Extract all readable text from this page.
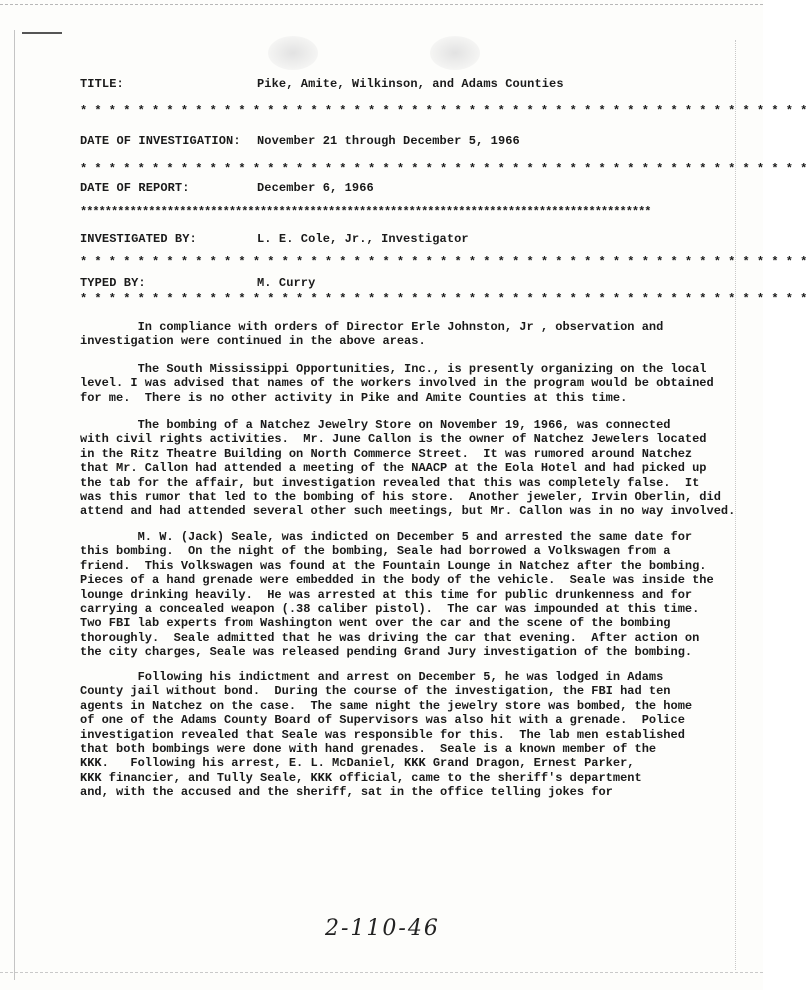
TITLE:	Pike, Amite, Wilkinson, and Adams Counties
* * * * * * * * * * * * * * * * * * * * * * * * * * * * * * * * * * * * * * * * * * * * * * * * * * *
DATE OF INVESTIGATION: November 21 through December 5, 1966
* * * * * * * * * * * * * * * * * * * * * * * * * * * * * * * * * * * * * * * * * * * * * * * * * * *
DATE OF REPORT:	December 6, 1966
********************************************************************************************
INVESTIGATED BY:	L. E. Cole, Jr., Investigator
* * * * * * * * * * * * * * * * * * * * * * * * * * * * * * * * * * * * * * * * * * * * * * * * * * *
TYPED BY:	M. Curry
* * * * * * * * * * * * * * * * * * * * * * * * * * * * * * * * * * * * * * * * * * * * * * * * * * *
In compliance with orders of Director Erle Johnston, Jr , observation and
investigation were continued in the above areas.
The South Mississippi Opportunities, Inc., is presently organizing on the local
level. I was advised that names of the workers involved in the program would be obtained
for me.  There is no other activity in Pike and Amite Counties at this time.
The bombing of a Natchez Jewelry Store on November 19, 1966, was connected
with civil rights activities.  Mr. June Callon is the owner of Natchez Jewelers located
in the Ritz Theatre Building on North Commerce Street.  It was rumored around Natchez
that Mr. Callon had attended a meeting of the NAACP at the Eola Hotel and had picked up
the tab for the affair, but investigation revealed that this was completely false.  It
was this rumor that led to the bombing of his store.  Another jeweler, Irvin Oberlin, did
attend and had attended several other such meetings, but Mr. Callon was in no way involved.
M. W. (Jack) Seale, was indicted on December 5 and arrested the same date for
this bombing.  On the night of the bombing, Seale had borrowed a Volkswagen from a
friend.  This Volkswagen was found at the Fountain Lounge in Natchez after the bombing.
Pieces of a hand grenade were embedded in the body of the vehicle.  Seale was inside the
lounge drinking heavily.  He was arrested at this time for public drunkenness and for
carrying a concealed weapon (.38 caliber pistol).  The car was impounded at this time.
Two FBI lab experts from Washington went over the car and the scene of the bombing
thoroughly.  Seale admitted that he was driving the car that evening.  After action on
the city charges, Seale was released pending Grand Jury investigation of the bombing.
Following his indictment and arrest on December 5, he was lodged in Adams
County jail without bond.  During the course of the investigation, the FBI had ten
agents in Natchez on the case.  The same night the jewelry store was bombed, the home
of one of the Adams County Board of Supervisors was also hit with a grenade.  Police
investigation revealed that Seale was responsible for this.  The lab men established
that both bombings were done with hand grenades.  Seale is a known member of the
KKK.   Following his arrest, E. L. McDaniel, KKK Grand Dragon, Ernest Parker,
KKK financier, and Tully Seale, KKK official, came to the sheriff's department
and, with the accused and the sheriff, sat in the office telling jokes for
2-110-46
